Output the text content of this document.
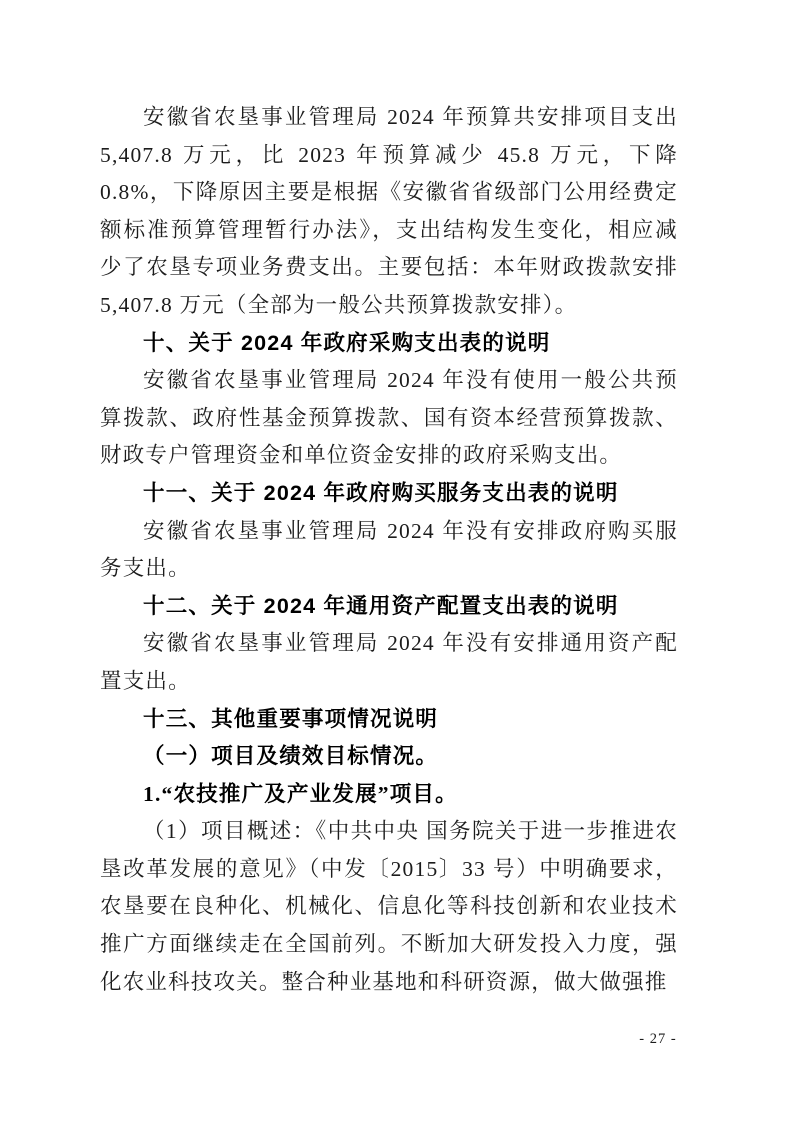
安徽省农垦事业管理局 2024 年预算共安排项目支出 5,407.8 万元，比 2023 年预算减少 45.8 万元，下降 0.8%，下降原因主要是根据《安徽省省级部门公用经费定额标准预算管理暂行办法》，支出结构发生变化，相应减少了农垦专项业务费支出。主要包括：本年财政拨款安排 5,407.8 万元（全部为一般公共预算拨款安排）。

十、关于 2024 年政府采购支出表的说明

安徽省农垦事业管理局 2024 年没有使用一般公共预算拨款、政府性基金预算拨款、国有资本经营预算拨款、财政专户管理资金和单位资金安排的政府采购支出。

十一、关于 2024 年政府购买服务支出表的说明

安徽省农垦事业管理局 2024 年没有安排政府购买服务支出。

十二、关于 2024 年通用资产配置支出表的说明

安徽省农垦事业管理局 2024 年没有安排通用资产配置支出。

十三、其他重要事项情况说明

（一）项目及绩效目标情况。

1.“农技推广及产业发展”项目。

（1）项目概述：《中共中央 国务院关于进一步推进农垦改革发展的意见》（中发〔2015〕33 号）中明确要求，农垦要在良种化、机械化、信息化等科技创新和农业技术推广方面继续走在全国前列。不断加大研发投入力度，强化农业科技攻关。整合种业基地和科研资源，做大做强推

- 27 -
